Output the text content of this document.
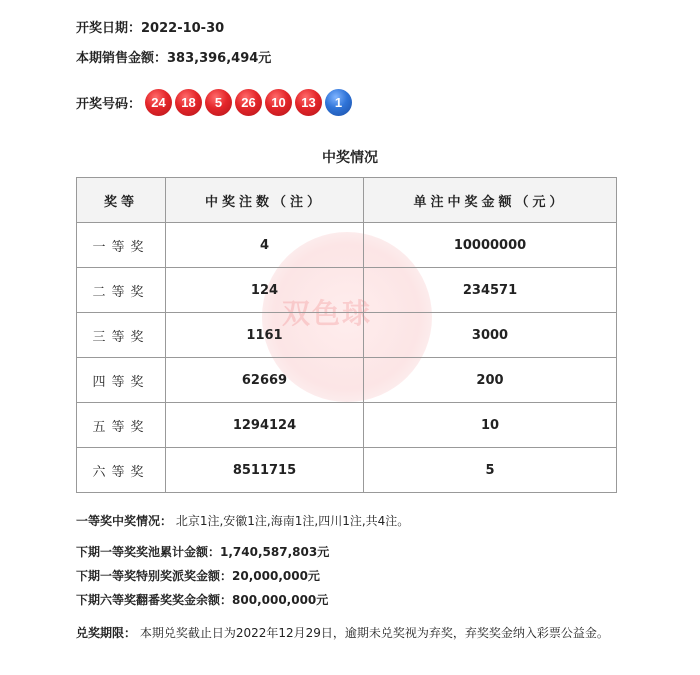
开奖日期：2022-10-30
本期销售金额：383,396,494元
开奖号码： 24	18	5	26	10	13	1
中奖情况
双色球
奖等	中奖注数（注）	单注中奖金额（元）
一等奖	4	10000000
二等奖	124	234571
三等奖	1161	3000
四等奖	62669	200
五等奖	1294124	10
六等奖	8511715	5
一等奖中奖情况： 北京1注,安徽1注,海南1注,四川1注,共4注。
下期一等奖奖池累计金额：1,740,587,803元
下期一等奖特别奖派奖金额：20,000,000元
下期六等奖翻番奖奖金余额：800,000,000元
兑奖期限： 本期兑奖截止日为2022年12月29日，逾期未兑奖视为弃奖，弃奖奖金纳入彩票公益金。
